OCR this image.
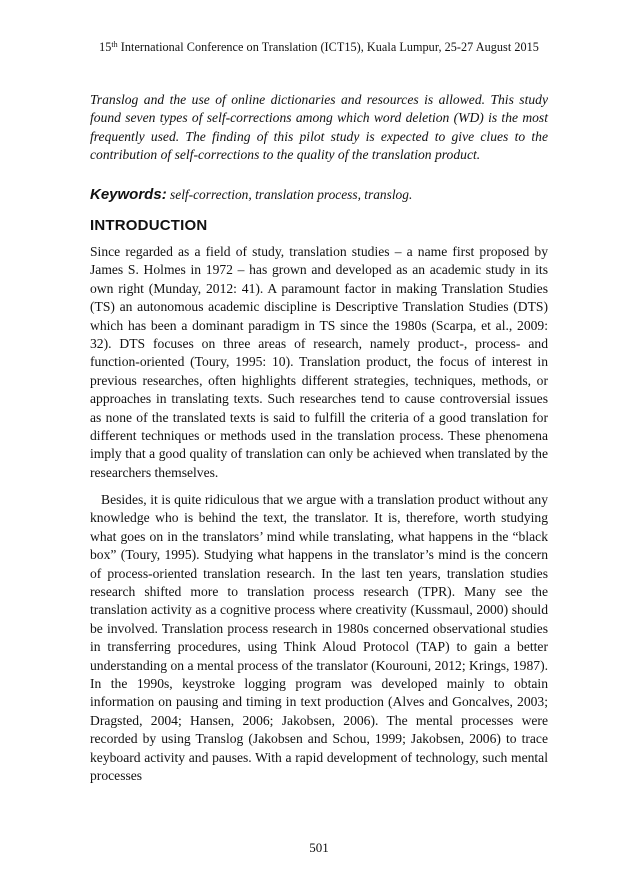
15th International Conference on Translation (ICT15), Kuala Lumpur, 25-27 August 2015

Translog and the use of online dictionaries and resources is allowed. This study found seven types of self-corrections among which word deletion (WD) is the most frequently used. The finding of this pilot study is expected to give clues to the contribution of self-corrections to the quality of the translation product.

Keywords: self-correction, translation process, translog.

INTRODUCTION

Since regarded as a field of study, translation studies – a name first proposed by James S. Holmes in 1972 – has grown and developed as an academic study in its own right (Munday, 2012: 41). A paramount factor in making Translation Studies (TS) an autonomous academic discipline is Descriptive Translation Studies (DTS) which has been a dominant paradigm in TS since the 1980s (Scarpa, et al., 2009: 32). DTS focuses on three areas of research, namely product-, process- and function-oriented (Toury, 1995: 10). Translation product, the focus of interest in previous researches, often highlights different strategies, techniques, methods, or approaches in translating texts. Such researches tend to cause controversial issues as none of the translated texts is said to fulfill the criteria of a good translation for different techniques or methods used in the translation process. These phenomena imply that a good quality of translation can only be achieved when translated by the researchers themselves.

Besides, it is quite ridiculous that we argue with a translation product without any knowledge who is behind the text, the translator. It is, therefore, worth studying what goes on in the translators’ mind while translating, what happens in the “black box” (Toury, 1995). Studying what happens in the translator’s mind is the concern of process-oriented translation research. In the last ten years, translation studies research shifted more to translation process research (TPR). Many see the translation activity as a cognitive process where creativity (Kussmaul, 2000) should be involved. Translation process research in 1980s concerned observational studies in transferring procedures, using Think Aloud Protocol (TAP) to gain a better understanding on a mental process of the translator (Kourouni, 2012; Krings, 1987). In the 1990s, keystroke logging program was developed mainly to obtain information on pausing and timing in text production (Alves and Goncalves, 2003; Dragsted, 2004; Hansen, 2006; Jakobsen, 2006). The mental processes were recorded by using Translog (Jakobsen and Schou, 1999; Jakobsen, 2006) to trace keyboard activity and pauses. With a rapid development of technology, such mental processes

501
